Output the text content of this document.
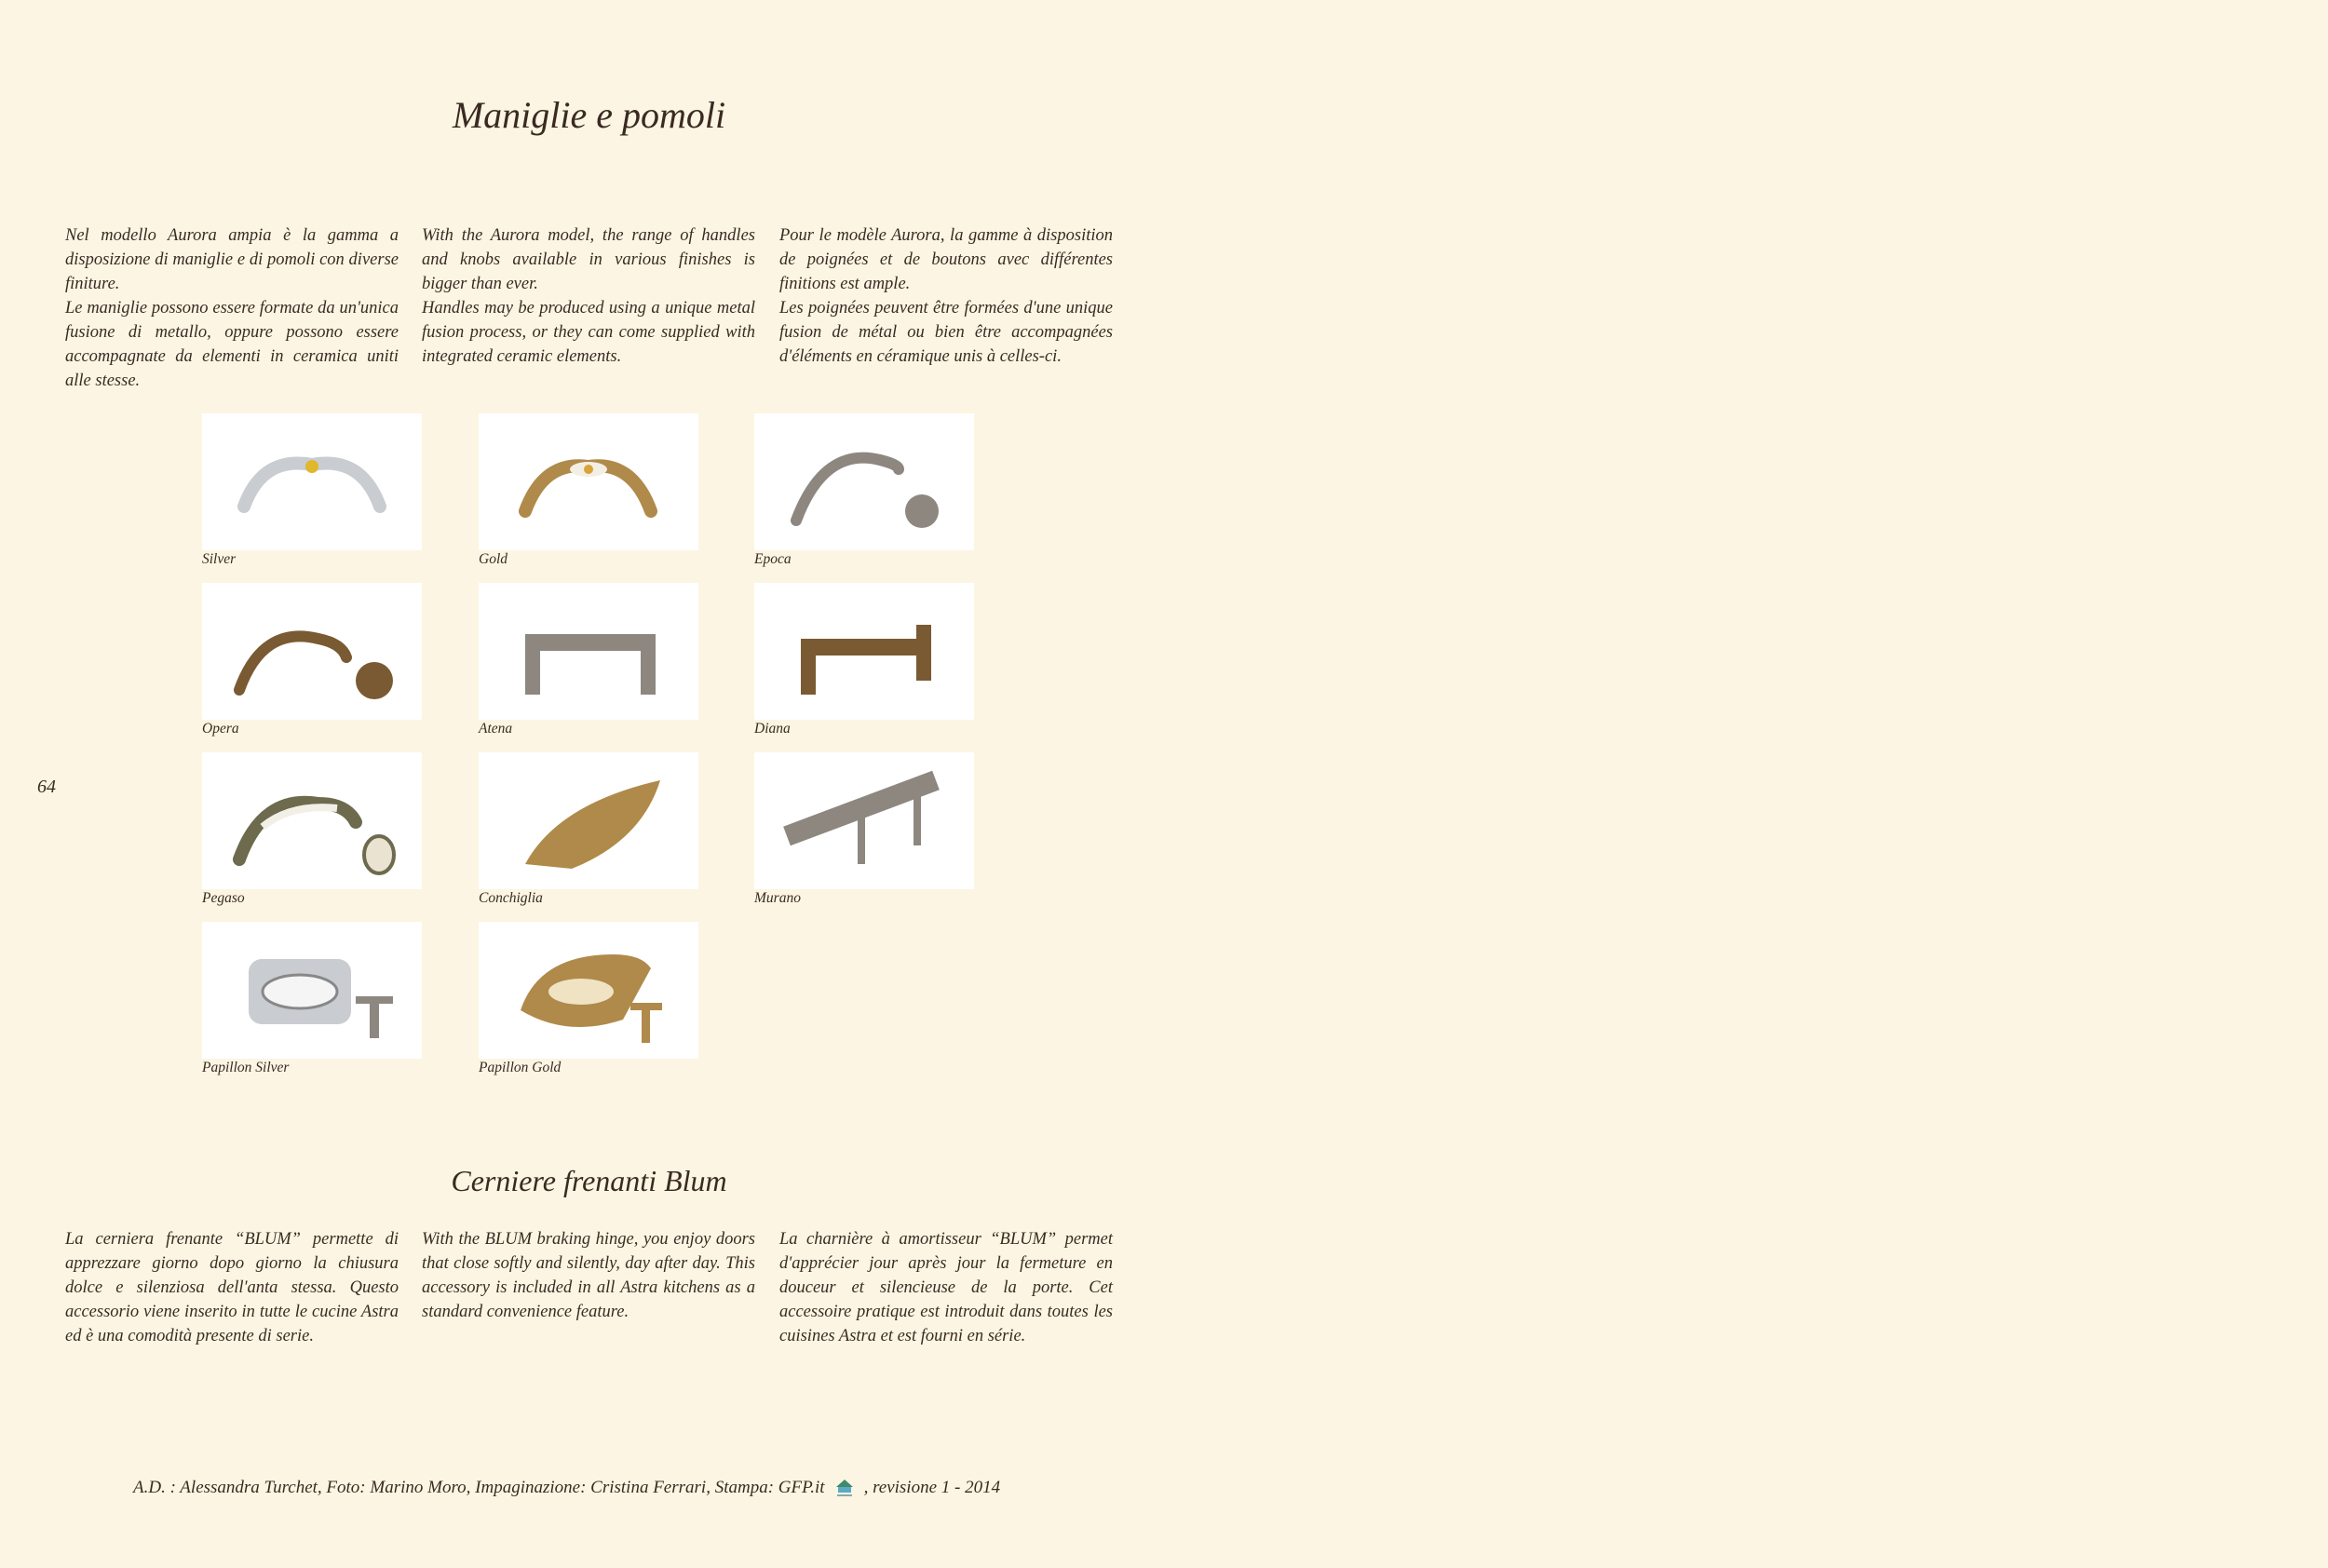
Maniglie e pomoli

Nel modello Aurora ampia è la gamma a disposizione di maniglie e di pomoli con diverse finiture.

Le maniglie possono essere formate da un'unica fusione di metallo, oppure possono essere accompagnate da elementi in ceramica uniti alle stesse.

With the Aurora model, the range of handles and knobs available in various finishes is bigger than ever.

Handles may be produced using a unique metal fusion process, or they can come supplied with integrated ceramic elements.

Pour le modèle Aurora, la gamme à disposition de poignées et de boutons avec différentes finitions est ample.

Les poignées peuvent être formées d'une unique fusion de métal ou bien être accompagnées d'éléments en céramique unis à celles-ci.

Silver	Gold	Epoca
Opera	Atena	Diana
Pegaso	Conchiglia	Murano
Papillon Silver	Papillon Gold
64
Cerniere frenanti Blum
La cerniera frenante “BLUM” permette di apprezzare giorno dopo giorno la chiusura dolce e silenziosa dell'anta stessa. Questo accessorio viene inserito in tutte le cucine Astra ed è una comodità presente di serie.
With the BLUM braking hinge, you enjoy doors that close softly and silently, day after day. This accessory is included in all Astra kitchens as a standard convenience feature.
La charnière à amortisseur “BLUM” permet d'apprécier jour après jour la fermeture en douceur et silencieuse de la porte. Cet accessoire pratique est introduit dans toutes les cuisines Astra et est fourni en série.
A.D. : Alessandra Turchet, Foto: Marino Moro, Impaginazione: Cristina Ferrari, Stampa: GFP.it , revisione 1 - 2014
